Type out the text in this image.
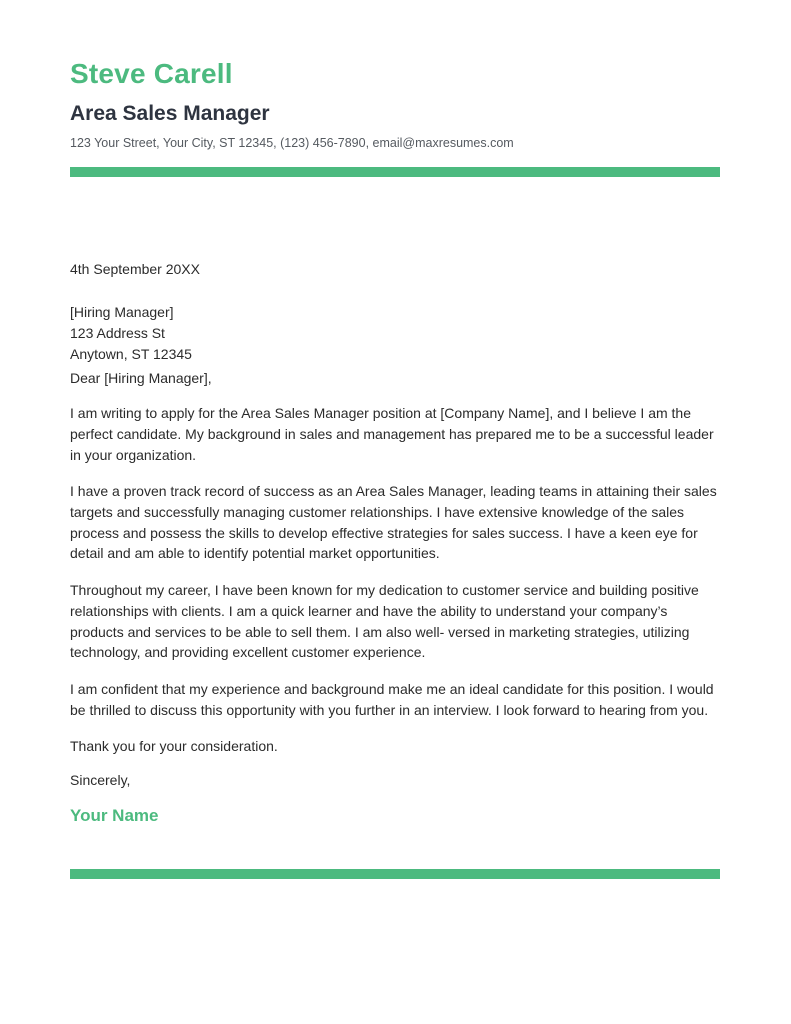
Steve Carell
Area Sales Manager
123 Your Street, Your City, ST 12345, (123) 456-7890, email@maxresumes.com
4th September 20XX
[Hiring Manager]
123 Address St
Anytown, ST 12345
Dear [Hiring Manager],

I am writing to apply for the Area Sales Manager position at [Company Name], and I believe I am the perfect candidate. My background in sales and management has prepared me to be a successful leader in your organization.

I have a proven track record of success as an Area Sales Manager, leading teams in attaining their sales targets and successfully managing customer relationships. I have extensive knowledge of the sales process and possess the skills to develop effective strategies for sales success. I have a keen eye for detail and am able to identify potential market opportunities.

Throughout my career, I have been known for my dedication to customer service and building positive relationships with clients. I am a quick learner and have the ability to understand your company’s products and services to be able to sell them. I am also well- versed in marketing strategies, utilizing technology, and providing excellent customer experience.

I am confident that my experience and background make me an ideal candidate for this position. I would be thrilled to discuss this opportunity with you further in an interview. I look forward to hearing from you.

Thank you for your consideration.
Sincerely,
Your Name
